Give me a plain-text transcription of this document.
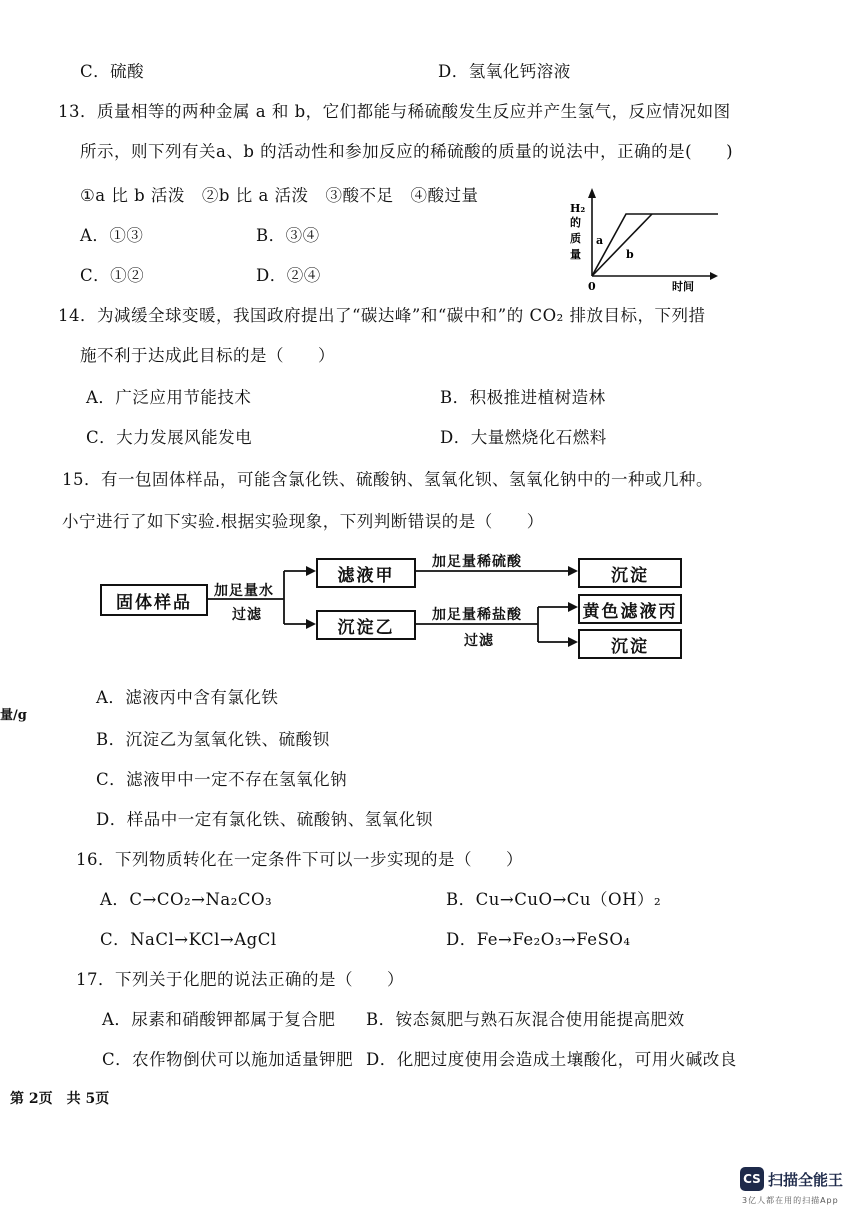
C．硫酸	D．氢氧化钙溶液
13．质量相等的两种金属 a 和 b，它们都能与稀硫酸发生反应并产生氢气，反应情况如图
所示，则下列有关a、b 的活动性和参加反应的稀硫酸的质量的说法中，正确的是(　　)
①a 比 b 活泼　②b 比 a 活泼　③酸不足　④酸过量
A．①③	B．③④
C．①②	D．②④
H₂
的
质
量
a
b
0	时间
14．为减缓全球变暖，我国政府提出了“碳达峰”和“碳中和”的 CO₂ 排放目标，下列措
施不利于达成此目标的是（　　）
A．广泛应用节能技术	B．积极推进植树造林
C．大力发展风能发电	D．大量燃烧化石燃料
15．有一包固体样品，可能含氯化铁、硫酸钠、氢氧化钡、氢氧化钠中的一种或几种。
小宁进行了如下实验.根据实验现象，下列判断错误的是（　　）
固体样品
滤液甲
沉淀乙
沉淀
黄色滤液丙
沉淀
加足量水
过滤
加足量稀硫酸
加足量稀盐酸
过滤
量/g
A．滤液丙中含有氯化铁
B．沉淀乙为氢氧化铁、硫酸钡
C．滤液甲中一定不存在氢氧化钠
D．样品中一定有氯化铁、硫酸钠、氢氧化钡
16．下列物质转化在一定条件下可以一步实现的是（　　）
A．C→CO₂→Na₂CO₃	B．Cu→CuO→Cu（OH）₂
C．NaCl→KCl→AgCl	D．Fe→Fe₂O₃→FeSO₄
17．下列关于化肥的说法正确的是（　　）
A．尿素和硝酸钾都属于复合肥 B．铵态氮肥与熟石灰混合使用能提高肥效
C．农作物倒伏可以施加适量钾肥 D．化肥过度使用会造成土壤酸化，可用火碱改良
第 2页　共 5页
CS 扫描全能王
3亿人都在用的扫描App
